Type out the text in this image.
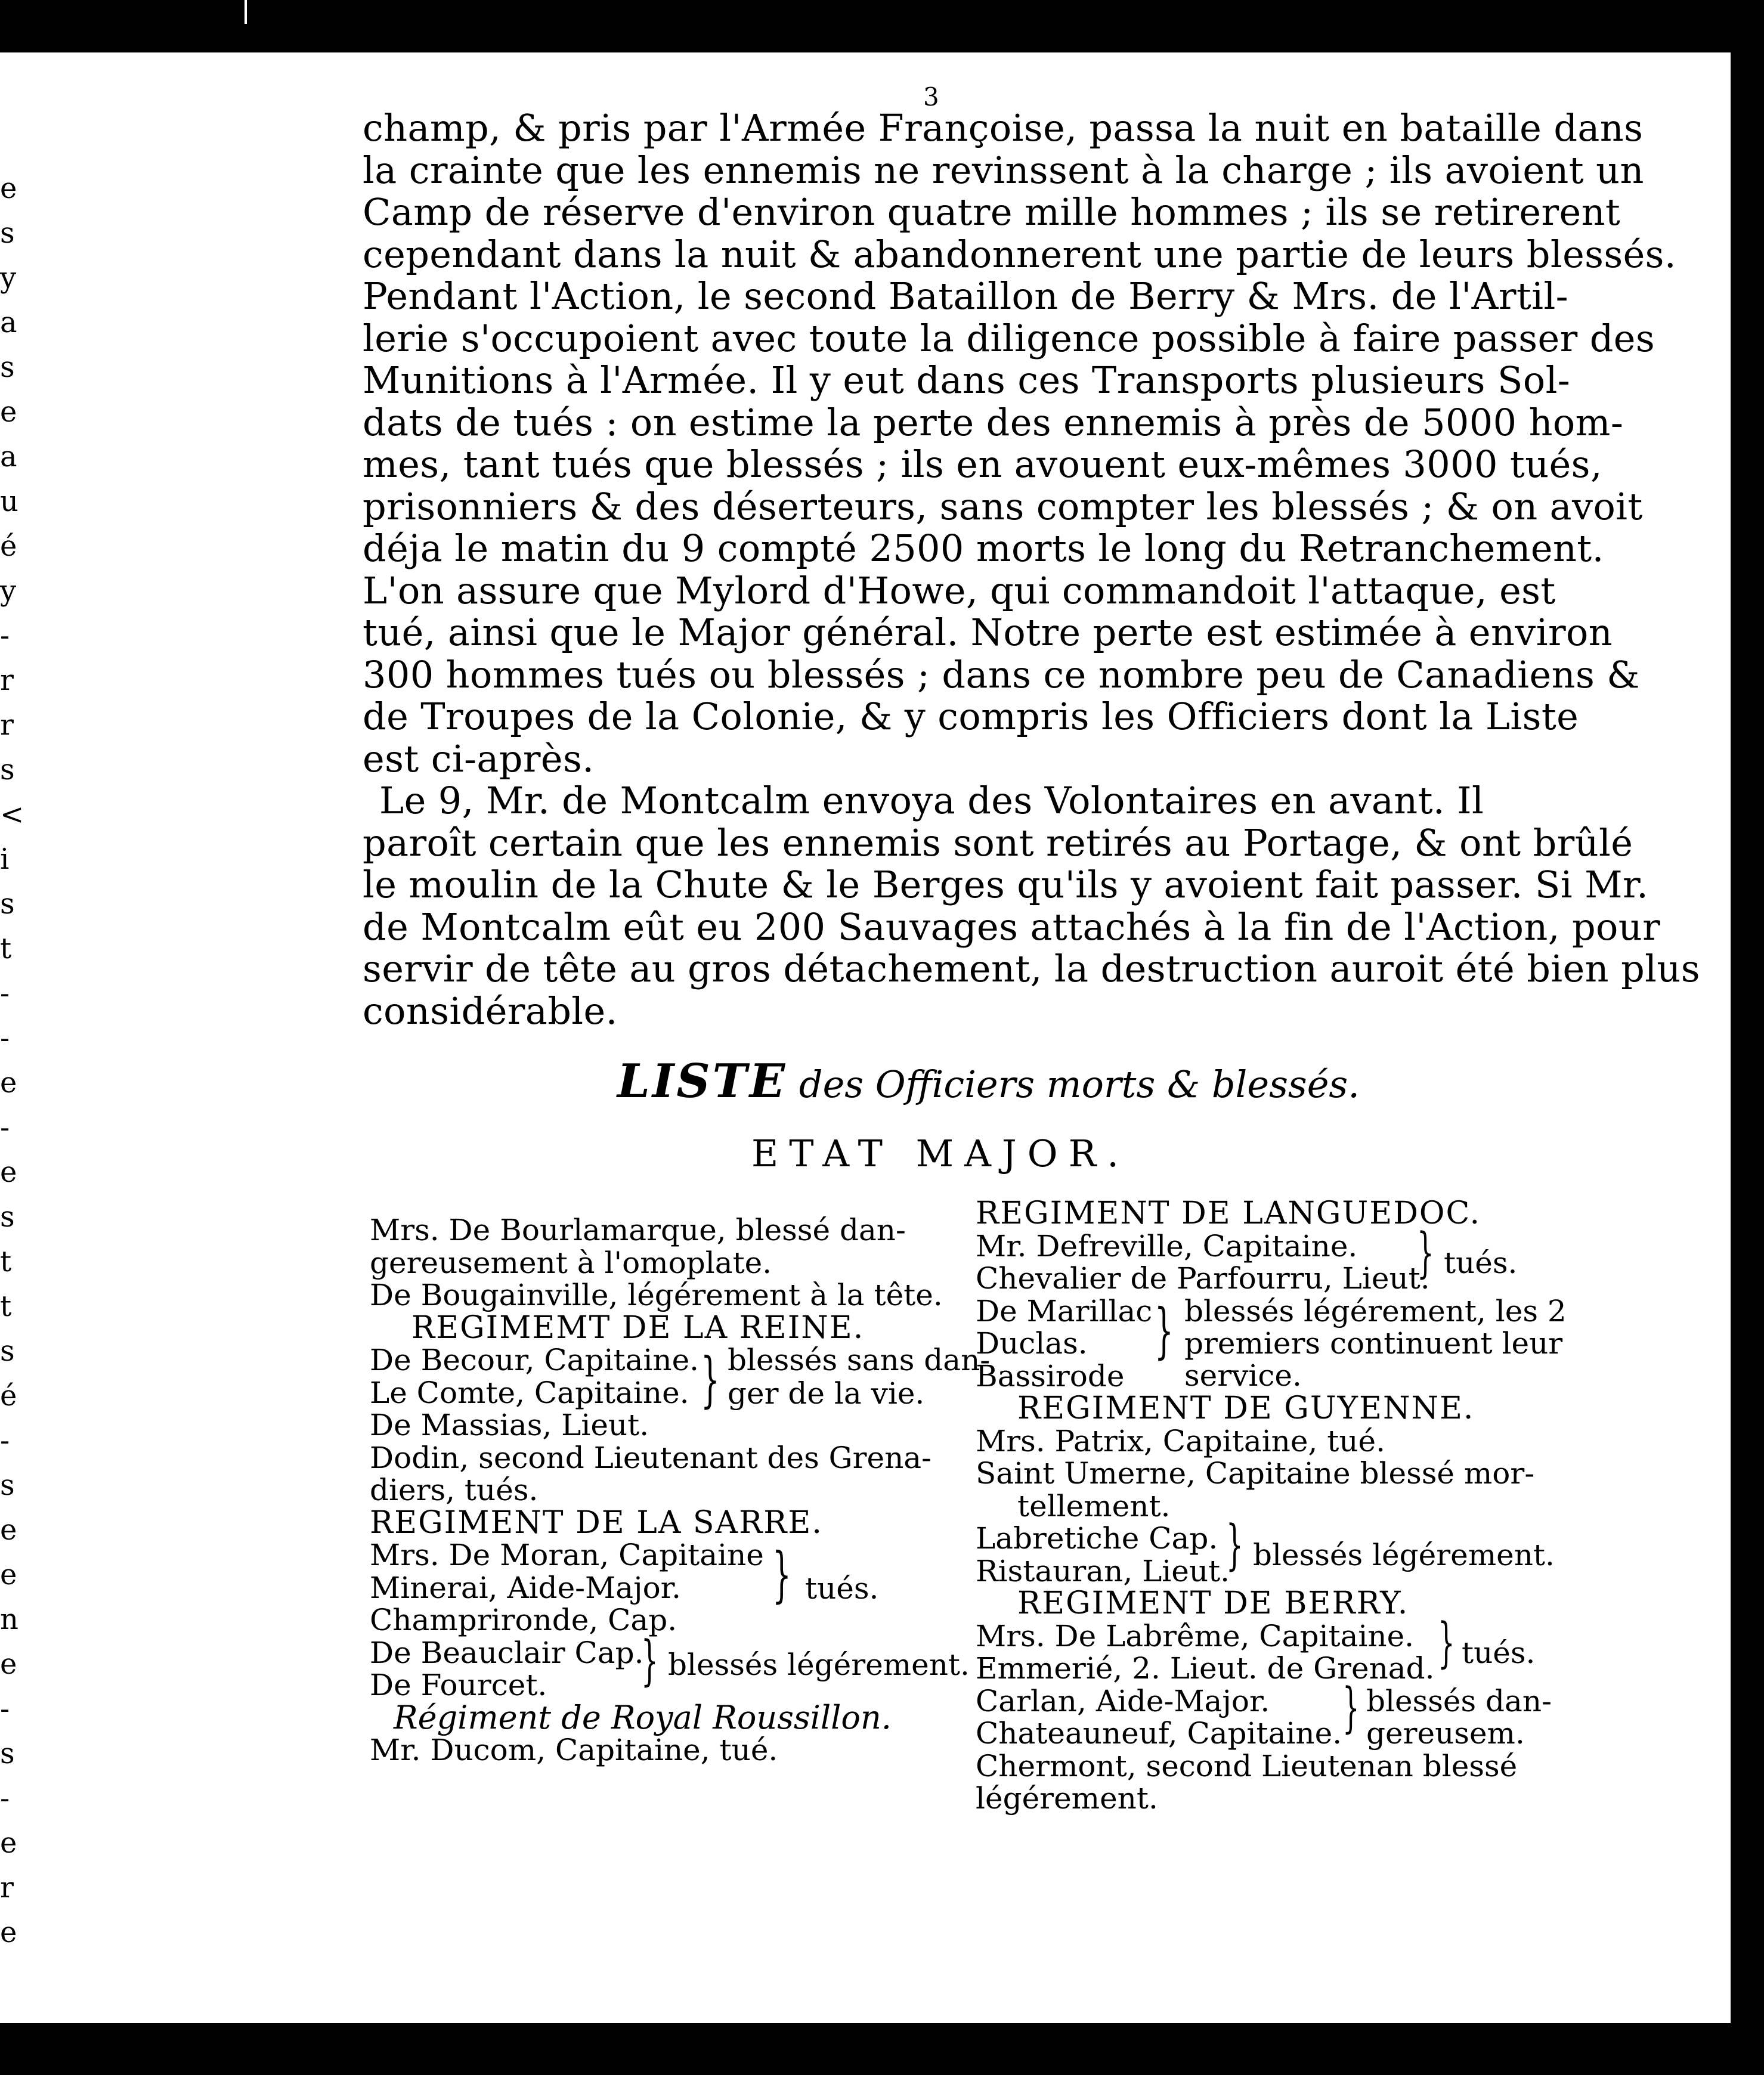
3
champ, & pris par l'Armée Françoise, passa la nuit en bataille dans
la crainte que les ennemis ne revinssent à la charge ; ils avoient un
Camp de réserve d'environ quatre mille hommes ; ils se retirerent
cependant dans la nuit & abandonnerent une partie de leurs blessés.
Pendant l'Action, le second Bataillon de Berry & Mrs. de l'Artil-
lerie s'occupoient avec toute la diligence possible à faire passer des
Munitions à l'Armée. Il y eut dans ces Transports plusieurs Sol-
dats de tués : on estime la perte des ennemis à près de 5000 hom-
mes, tant tués que blessés ; ils en avouent eux-mêmes 3000 tués,
prisonniers & des déserteurs, sans compter les blessés ; & on avoit
déja le matin du 9 compté 2500 morts le long du Retranchement.
L'on assure que Mylord d'Howe, qui commandoit l'attaque, est
tué, ainsi que le Major général. Notre perte est estimée à environ
300 hommes tués ou blessés ; dans ce nombre peu de Canadiens &
de Troupes de la Colonie, & y compris les Officiers dont la Liste
est ci-après.
Le 9, Mr. de Montcalm envoya des Volontaires en avant. Il
paroît certain que les ennemis sont retirés au Portage, & ont brûlé
le moulin de la Chute & le Berges qu'ils y avoient fait passer. Si Mr.
de Montcalm eût eu 200 Sauvages attachés à la fin de l'Action, pour
servir de tête au gros détachement, la destruction auroit été bien plus
considérable.
LISTE des Officiers morts & blessés.
ETAT MAJOR.
Mrs. De Bourlamarque, blessé dan-
gereusement à l'omoplate.
De Bougainville, légérement à la tête.
REGIMEMT DE LA REINE.
De Becour, Capitaine.
Le Comte, Capitaine.
De Massias, Lieut.
} blessés sans dan-
ger de la vie.
Dodin, second Lieutenant des Grena-
diers, tués.
REGIMENT DE LA SARRE.
Mrs. De Moran, Capitaine
Minerai, Aide-Major.
Champrironde, Cap.
} tués.
De Beauclair Cap.
De Fourcet.	} blessés légérement.
Régiment de Royal Roussillon.
Mr. Ducom, Capitaine, tué.
REGIMENT DE LANGUEDOC.
Mr. Defreville, Capitaine.
Chevalier de Parfourru, Lieut.
} tués.
De Marillac
Duclas.
Bassirode
} blessés légérement, les 2
premiers continuent leur
service.
REGIMENT DE GUYENNE.
Mrs. Patrix, Capitaine, tué.
Saint Umerne, Capitaine blessé mor-
tellement.
Labretiche Cap.
Ristauran, Lieut.
} blessés légérement.
REGIMENT DE BERRY.
Mrs. De Labrême, Capitaine.
Emmerié, 2. Lieut. de Grenad. } tués.
Carlan, Aide-Major.
Chateauneuf, Capitaine. } blessés dan-
gereusem.
Chermont, second Lieutenan blessé
légérement.
e
s
y
a
s
e
a
u
é
y
-
r
r
s
<
i
s
t
-
-
e
-
e
s
t
t
s
é
-
s
e
e
n
e
-
s
-
e
r
e
